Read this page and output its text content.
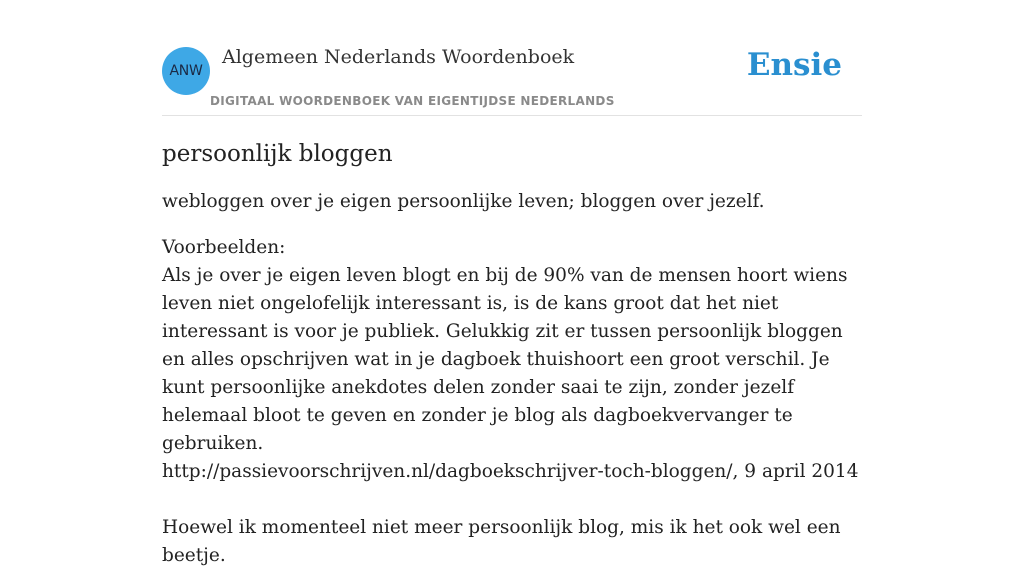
ANW
Algemeen Nederlands Woordenboek
DIGITAAL WOORDENBOEK VAN EIGENTIJDSE NEDERLANDS
Ensie
persoonlijk bloggen

webloggen over je eigen persoonlijke leven; bloggen over jezelf.

Voorbeelden:
Als je over je eigen leven blogt en bij de 90% van de mensen hoort wiens leven niet ongelofelijk interessant is, is de kans groot dat het niet interessant is voor je publiek. Gelukkig zit er tussen persoonlijk bloggen en alles opschrijven wat in je dagboek thuishoort een groot verschil. Je kunt persoonlijke anekdotes delen zonder saai te zijn, zonder jezelf helemaal bloot te geven en zonder je blog als dagboekvervanger te gebruiken.
http://passievoorschrijven.nl/dagboekschrijver-toch-bloggen/, 9 april 2014
Hoewel ik momenteel niet meer persoonlijk blog, mis ik het ook wel een beetje.
